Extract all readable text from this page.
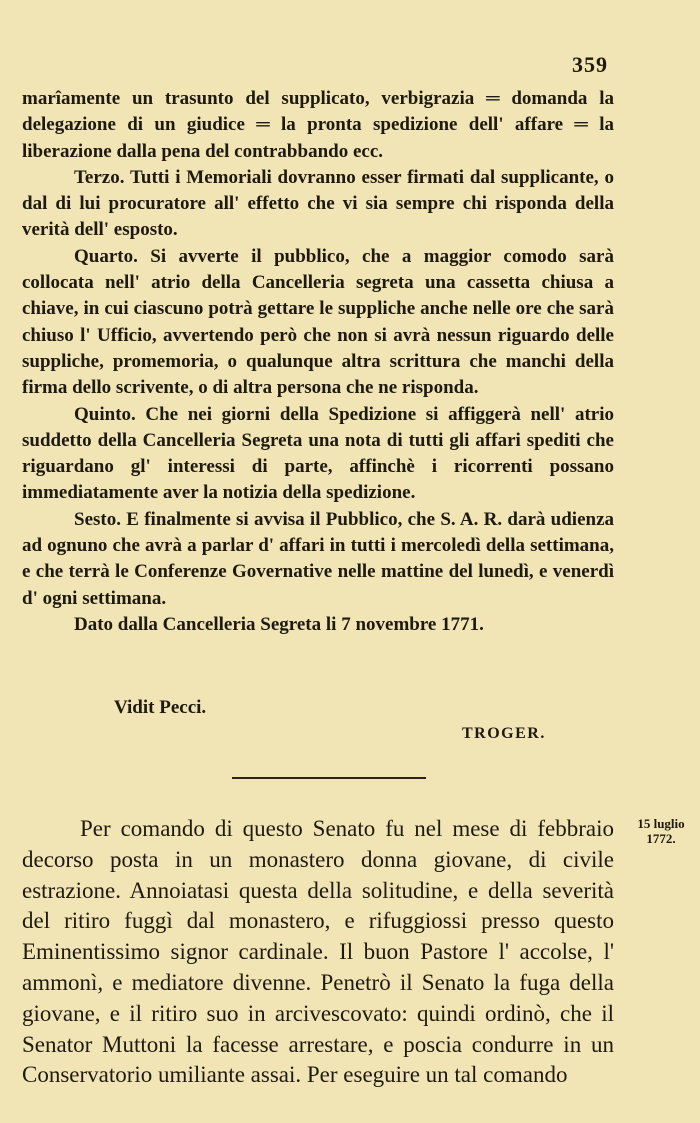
359

marîamente un trasunto del supplicato, verbigrazia ═ domanda la delegazione di un giudice ═ la pronta spedizione dell' affare ═ la liberazione dalla pena del contrabbando ecc.

Terzo. Tutti i Memoriali dovranno esser firmati dal supplicante, o dal di lui procuratore all' effetto che vi sia sempre chi risponda della verità dell' esposto.

Quarto. Si avverte il pubblico, che a maggior comodo sarà collocata nell' atrio della Cancelleria segreta una cassetta chiusa a chiave, in cui ciascuno potrà gettare le suppliche anche nelle ore che sarà chiuso l' Ufficio, avvertendo però che non si avrà nessun riguardo delle suppliche, promemoria, o qualunque altra scrittura che manchi della firma dello scrivente, o di altra persona che ne risponda.

Quinto. Che nei giorni della Spedizione si affiggerà nell' atrio suddetto della Cancelleria Segreta una nota di tutti gli affari spediti che riguardano gl' interessi di parte, affinchè i ricorrenti possano immediatamente aver la notizia della spedizione.

Sesto. E finalmente si avvisa il Pubblico, che S. A. R. darà udienza ad ognuno che avrà a parlar d' affari in tutti i mercoledì della settimana, e che terrà le Conferenze Governative nelle mattine del lunedì, e venerdì d' ogni settimana.

Dato dalla Cancelleria Segreta li 7 novembre 1771.

Vidit Pecci.
TROGER.

Per comando di questo Senato fu nel mese di febbraio decorso posta in un monastero donna giovane, di civile estrazione. Annoiatasi questa della solitudine, e della severità del ritiro fuggì dal monastero, e rifuggiossi presso questo Eminentissimo signor cardinale. Il buon Pastore l' accolse, l' ammonì, e mediatore divenne. Penetrò il Senato la fuga della giovane, e il ritiro suo in arcivescovato: quindi ordinò, che il Senator Muttoni la facesse arrestare, e poscia condurre in un Conservatorio umiliante assai. Per eseguire un tal comando

15 luglio
1772.
